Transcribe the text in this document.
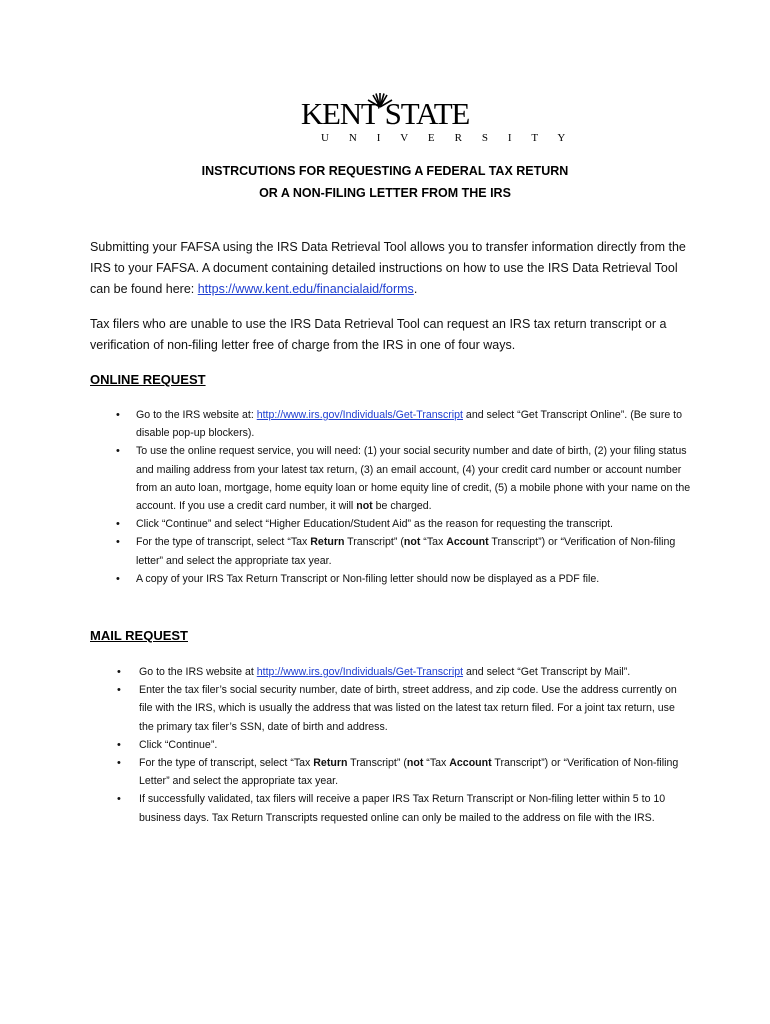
KENT STATE
U N I V E R S I T Y
INSTRCUTIONS FOR REQUESTING A FEDERAL TAX RETURN
OR A NON-FILING LETTER FROM THE IRS

Submitting your FAFSA using the IRS Data Retrieval Tool allows you to transfer information directly from the IRS to your FAFSA. A document containing detailed instructions on how to use the IRS Data Retrieval Tool can be found here: https://www.kent.edu/financialaid/forms.

Tax filers who are unable to use the IRS Data Retrieval Tool can request an IRS tax return transcript or a verification of non-filing letter free of charge from the IRS in one of four ways.

ONLINE REQUEST
• Go to the IRS website at: http://www.irs.gov/Individuals/Get-Transcript and select “Get Transcript Online”. (Be sure to disable pop-up blockers).
• To use the online request service, you will need: (1) your social security number and date of birth, (2) your filing status and mailing address from your latest tax return, (3) an email account, (4) your credit card number or account number from an auto loan, mortgage, home equity loan or home equity line of credit, (5) a mobile phone with your name on the account. If you use a credit card number, it will not be charged.
• Click “Continue” and select “Higher Education/Student Aid” as the reason for requesting the transcript.
• For the type of transcript, select “Tax Return Transcript” (not “Tax Account Transcript”) or “Verification of Non-filing letter” and select the appropriate tax year.
• A copy of your IRS Tax Return Transcript or Non-filing letter should now be displayed as a PDF file.
MAIL REQUEST
• Go to the IRS website at http://www.irs.gov/Individuals/Get-Transcript and select “Get Transcript by Mail”.
• Enter the tax filer’s social security number, date of birth, street address, and zip code. Use the address currently on file with the IRS, which is usually the address that was listed on the latest tax return filed. For a joint tax return, use the primary tax filer’s SSN, date of birth and address.
• Click “Continue”.
• For the type of transcript, select “Tax Return Transcript” (not “Tax Account Transcript”) or “Verification of Non-filing Letter” and select the appropriate tax year.
• If successfully validated, tax filers will receive a paper IRS Tax Return Transcript or Non-filing letter within 5 to 10 business days. Tax Return Transcripts requested online can only be mailed to the address on file with the IRS.
